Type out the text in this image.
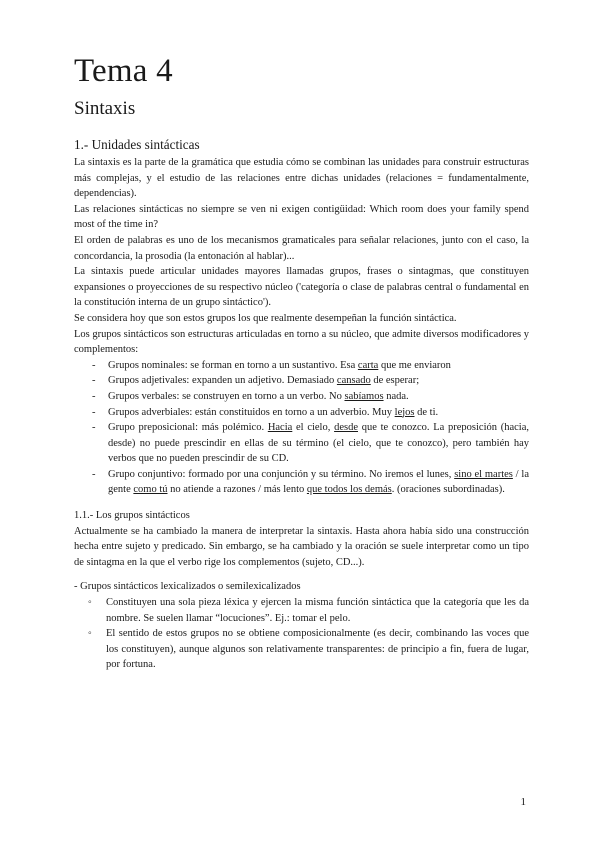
Tema 4
Sintaxis
1.- Unidades sintácticas

La sintaxis es la parte de la gramática que estudia cómo se combinan las unidades para construir estructuras más complejas, y el estudio de las relaciones entre dichas unidades (relaciones = fundamentalmente, dependencias).

Las relaciones sintácticas no siempre se ven ni exigen contigüidad: Which room does your family spend most of the time in?

El orden de palabras es uno de los mecanismos gramaticales para señalar relaciones, junto con el caso, la concordancia, la prosodia (la entonación al hablar)...

La sintaxis puede articular unidades mayores llamadas grupos, frases o sintagmas, que constituyen expansiones o proyecciones de su respectivo núcleo ('categoría o clase de palabras central o fundamental en la constitución interna de un grupo sintáctico').

Se considera hoy que son estos grupos los que realmente desempeñan la función sintáctica.

Los grupos sintácticos son estructuras articuladas en torno a su núcleo, que admite diversos modificadores y complementos:

- Grupos nominales: se forman en torno a un sustantivo. Esa carta que me enviaron
- Grupos adjetivales: expanden un adjetivo. Demasiado cansado de esperar;
- Grupos verbales: se construyen en torno a un verbo. No sabíamos nada.
- Grupos adverbiales: están constituidos en torno a un adverbio. Muy lejos de ti.
- Grupo preposicional: más polémico. Hacia el cielo, desde que te conozco. La preposición (hacia, desde) no puede prescindir en ellas de su término (el cielo, que te conozco), pero también hay verbos que no pueden prescindir de su CD.
- Grupo conjuntivo: formado por una conjunción y su término. No iremos el lunes, sino el martes / la gente como tú no atiende a razones / más lento que todos los demás. (oraciones subordinadas).
1.1.- Los grupos sintácticos

Actualmente se ha cambiado la manera de interpretar la sintaxis. Hasta ahora había sido una construcción hecha entre sujeto y predicado. Sin embargo, se ha cambiado y la oración se suele interpretar como un tipo de sintagma en la que el verbo rige los complementos (sujeto, CD...).

- Grupos sintácticos lexicalizados o semilexicalizados

◦ Constituyen una sola pieza léxica y ejercen la misma función sintáctica que la categoría que les da nombre. Se suelen llamar “locuciones”. Ej.: tomar el pelo.
◦ El sentido de estos grupos no se obtiene composicionalmente (es decir, combinando las voces que los constituyen), aunque algunos son relativamente transparentes: de principio a fin, fuera de lugar, por fortuna.
1
